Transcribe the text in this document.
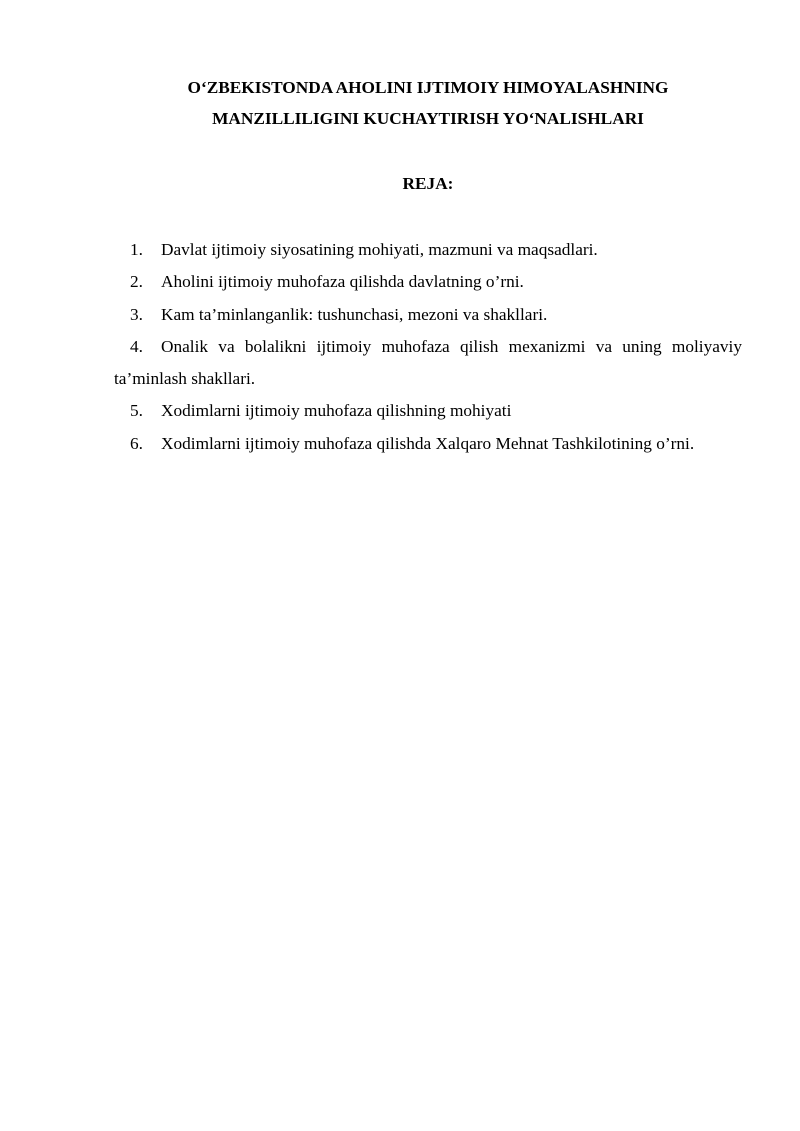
O‘ZBEKISTONDA AHOLINI IJTIMOIY HIMOYALASHNING
MANZILLILIGINI KUCHAYTIRISH YO‘NALISHLARI
REJA:
1. Davlat ijtimoiy siyosatining mohiyati, mazmuni va maqsadlari.
2. Aholini ijtimoiy muhofaza qilishda davlatning o’rni.
3. Kam ta’minlanganlik: tushunchasi, mezoni va shakllari.
4. Onalik va bolalikni ijtimoiy muhofaza qilish mexanizmi va uning moliyaviy ta’minlash shakllari.
5. Xodimlarni ijtimoiy muhofaza qilishning mohiyati
6. Xodimlarni ijtimoiy muhofaza qilishda Xalqaro Mehnat Tashkilotining o’rni.
